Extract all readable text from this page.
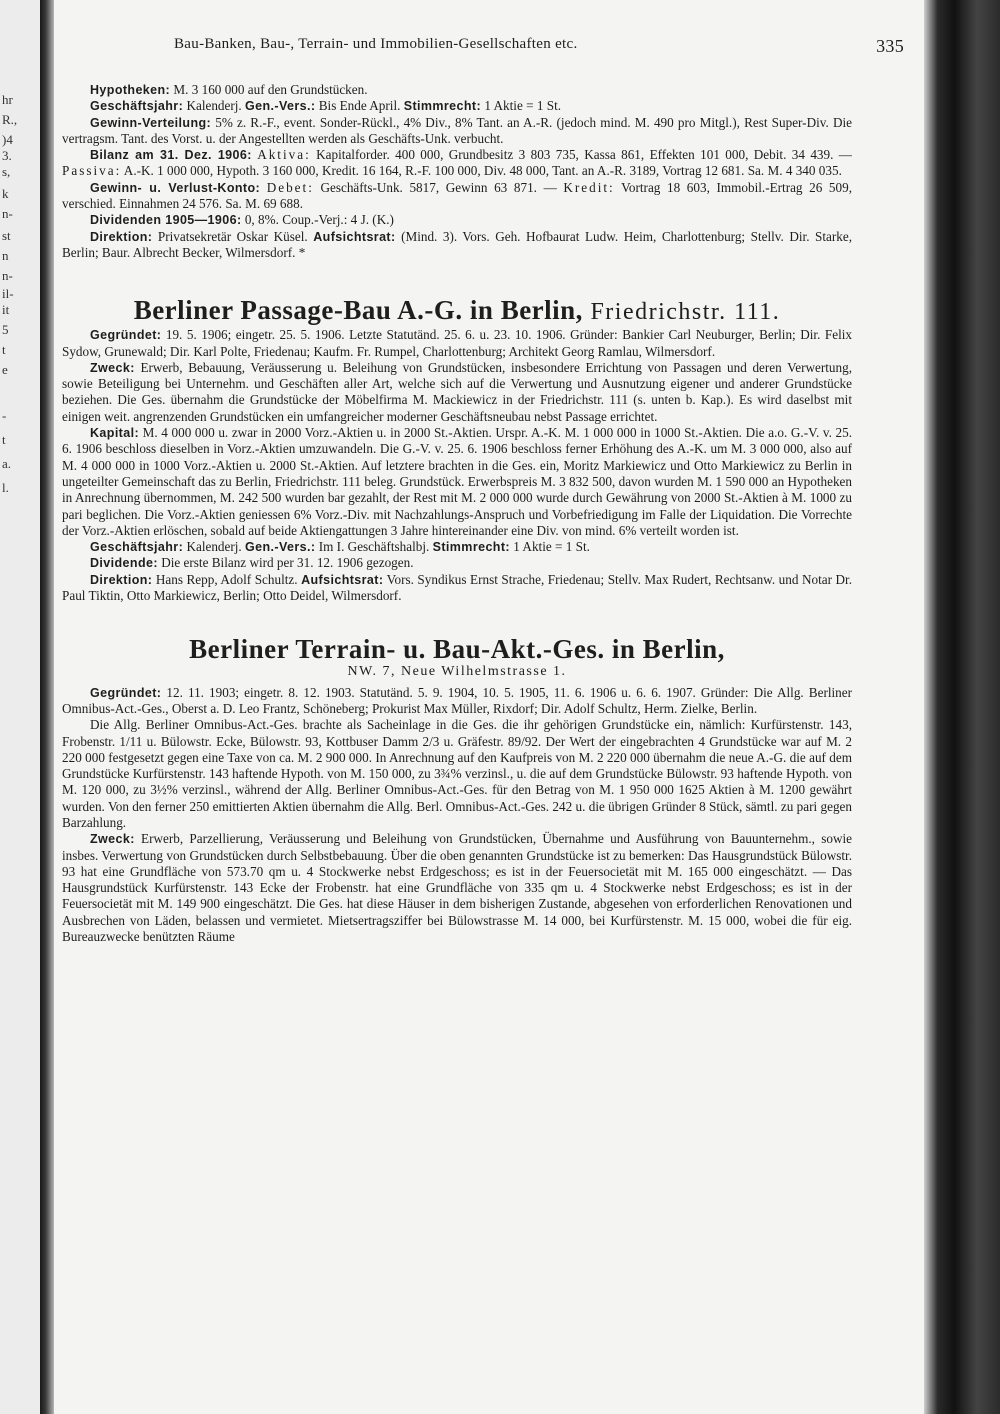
hr
R.,
)4
3.
s,
k
n-
st
n
n-
il-
it
5
t
e
-
t
a.
l.
Bau-Banken, Bau-, Terrain- und Immobilien-Gesellschaften etc.	335

Hypotheken: M. 3 160 000 auf den Grundstücken.

Geschäftsjahr: Kalenderj. Gen.-Vers.: Bis Ende April. Stimmrecht: 1 Aktie = 1 St.

Gewinn-Verteilung: 5% z. R.-F., event. Sonder-Rückl., 4% Div., 8% Tant. an A.-R. (jedoch mind. M. 490 pro Mitgl.), Rest Super-Div. Die vertragsm. Tant. des Vorst. u. der Angestellten werden als Geschäfts-Unk. verbucht.

Bilanz am 31. Dez. 1906: Aktiva: Kapitalforder. 400 000, Grundbesitz 3 803 735, Kassa 861, Effekten 101 000, Debit. 34 439. — Passiva: A.-K. 1 000 000, Hypoth. 3 160 000, Kredit. 16 164, R.-F. 100 000, Div. 48 000, Tant. an A.-R. 3189, Vortrag 12 681. Sa. M. 4 340 035.

Gewinn- u. Verlust-Konto: Debet: Geschäfts-Unk. 5817, Gewinn 63 871. — Kredit: Vortrag 18 603, Immobil.-Ertrag 26 509, verschied. Einnahmen 24 576. Sa. M. 69 688.

Dividenden 1905—1906: 0, 8%. Coup.-Verj.: 4 J. (K.)

Direktion: Privatsekretär Oskar Küsel. Aufsichtsrat: (Mind. 3). Vors. Geh. Hofbaurat Ludw. Heim, Charlottenburg; Stellv. Dir. Starke, Berlin; Baur. Albrecht Becker, Wilmersdorf. *

Berliner Passage-Bau A.-G. in Berlin, Friedrichstr. 111.

Gegründet: 19. 5. 1906; eingetr. 25. 5. 1906. Letzte Statutänd. 25. 6. u. 23. 10. 1906. Gründer: Bankier Carl Neuburger, Berlin; Dir. Felix Sydow, Grunewald; Dir. Karl Polte, Friedenau; Kaufm. Fr. Rumpel, Charlottenburg; Architekt Georg Ramlau, Wilmersdorf.

Zweck: Erwerb, Bebauung, Veräusserung u. Beleihung von Grundstücken, insbesondere Errichtung von Passagen und deren Verwertung, sowie Beteiligung bei Unternehm. und Geschäften aller Art, welche sich auf die Verwertung und Ausnutzung eigener und anderer Grundstücke beziehen. Die Ges. übernahm die Grundstücke der Möbelfirma M. Mackiewicz in der Friedrichstr. 111 (s. unten b. Kap.). Es wird daselbst mit einigen weit. angrenzenden Grundstücken ein umfangreicher moderner Geschäftsneubau nebst Passage errichtet.

Kapital: M. 4 000 000 u. zwar in 2000 Vorz.-Aktien u. in 2000 St.-Aktien. Urspr. A.-K. M. 1 000 000 in 1000 St.-Aktien. Die a.o. G.-V. v. 25. 6. 1906 beschloss dieselben in Vorz.-Aktien umzuwandeln. Die G.-V. v. 25. 6. 1906 beschloss ferner Erhöhung des A.-K. um M. 3 000 000, also auf M. 4 000 000 in 1000 Vorz.-Aktien u. 2000 St.-Aktien. Auf letztere brachten in die Ges. ein, Moritz Markiewicz und Otto Markiewicz zu Berlin in ungeteilter Gemeinschaft das zu Berlin, Friedrichstr. 111 beleg. Grundstück. Erwerbspreis M. 3 832 500, davon wurden M. 1 590 000 an Hypotheken in Anrechnung übernommen, M. 242 500 wurden bar gezahlt, der Rest mit M. 2 000 000 wurde durch Gewährung von 2000 St.-Aktien à M. 1000 zu pari beglichen. Die Vorz.-Aktien geniessen 6% Vorz.-Div. mit Nachzahlungs-Anspruch und Vorbefriedigung im Falle der Liquidation. Die Vorrechte der Vorz.-Aktien erlöschen, sobald auf beide Aktiengattungen 3 Jahre hintereinander eine Div. von mind. 6% verteilt worden ist.

Geschäftsjahr: Kalenderj. Gen.-Vers.: Im I. Geschäftshalbj. Stimmrecht: 1 Aktie = 1 St.

Dividende: Die erste Bilanz wird per 31. 12. 1906 gezogen.

Direktion: Hans Repp, Adolf Schultz. Aufsichtsrat: Vors. Syndikus Ernst Strache, Friedenau; Stellv. Max Rudert, Rechtsanw. und Notar Dr. Paul Tiktin, Otto Markiewicz, Berlin; Otto Deidel, Wilmersdorf.

Berliner Terrain- u. Bau-Akt.-Ges. in Berlin,
NW. 7, Neue Wilhelmstrasse 1.

Gegründet: 12. 11. 1903; eingetr. 8. 12. 1903. Statutänd. 5. 9. 1904, 10. 5. 1905, 11. 6. 1906 u. 6. 6. 1907. Gründer: Die Allg. Berliner Omnibus-Act.-Ges., Oberst a. D. Leo Frantz, Schöneberg; Prokurist Max Müller, Rixdorf; Dir. Adolf Schultz, Herm. Zielke, Berlin.

Die Allg. Berliner Omnibus-Act.-Ges. brachte als Sacheinlage in die Ges. die ihr gehörigen Grundstücke ein, nämlich: Kurfürstenstr. 143, Frobenstr. 1/11 u. Bülowstr. Ecke, Bülowstr. 93, Kottbuser Damm 2/3 u. Gräfestr. 89/92. Der Wert der eingebrachten 4 Grundstücke war auf M. 2 220 000 festgesetzt gegen eine Taxe von ca. M. 2 900 000. In Anrechnung auf den Kaufpreis von M. 2 220 000 übernahm die neue A.-G. die auf dem Grundstücke Kurfürstenstr. 143 haftende Hypoth. von M. 150 000, zu 3¾% verzinsl., u. die auf dem Grundstücke Bülowstr. 93 haftende Hypoth. von M. 120 000, zu 3½% verzinsl., während der Allg. Berliner Omnibus-Act.-Ges. für den Betrag von M. 1 950 000 1625 Aktien à M. 1200 gewährt wurden. Von den ferner 250 emittierten Aktien übernahm die Allg. Berl. Omnibus-Act.-Ges. 242 u. die übrigen Gründer 8 Stück, sämtl. zu pari gegen Barzahlung.

Zweck: Erwerb, Parzellierung, Veräusserung und Beleihung von Grundstücken, Übernahme und Ausführung von Bauunternehm., sowie insbes. Verwertung von Grundstücken durch Selbstbebauung. Über die oben genannten Grundstücke ist zu bemerken: Das Hausgrundstück Bülowstr. 93 hat eine Grundfläche von 573.70 qm u. 4 Stockwerke nebst Erdgeschoss; es ist in der Feuersocietät mit M. 165 000 eingeschätzt. — Das Hausgrundstück Kurfürstenstr. 143 Ecke der Frobenstr. hat eine Grundfläche von 335 qm u. 4 Stockwerke nebst Erdgeschoss; es ist in der Feuersocietät mit M. 149 900 eingeschätzt. Die Ges. hat diese Häuser in dem bisherigen Zustande, abgesehen von erforderlichen Renovationen und Ausbrechen von Läden, belassen und vermietet. Mietsertragsziffer bei Bülowstrasse M. 14 000, bei Kurfürstenstr. M. 15 000, wobei die für eig. Bureauzwecke benützten Räume
